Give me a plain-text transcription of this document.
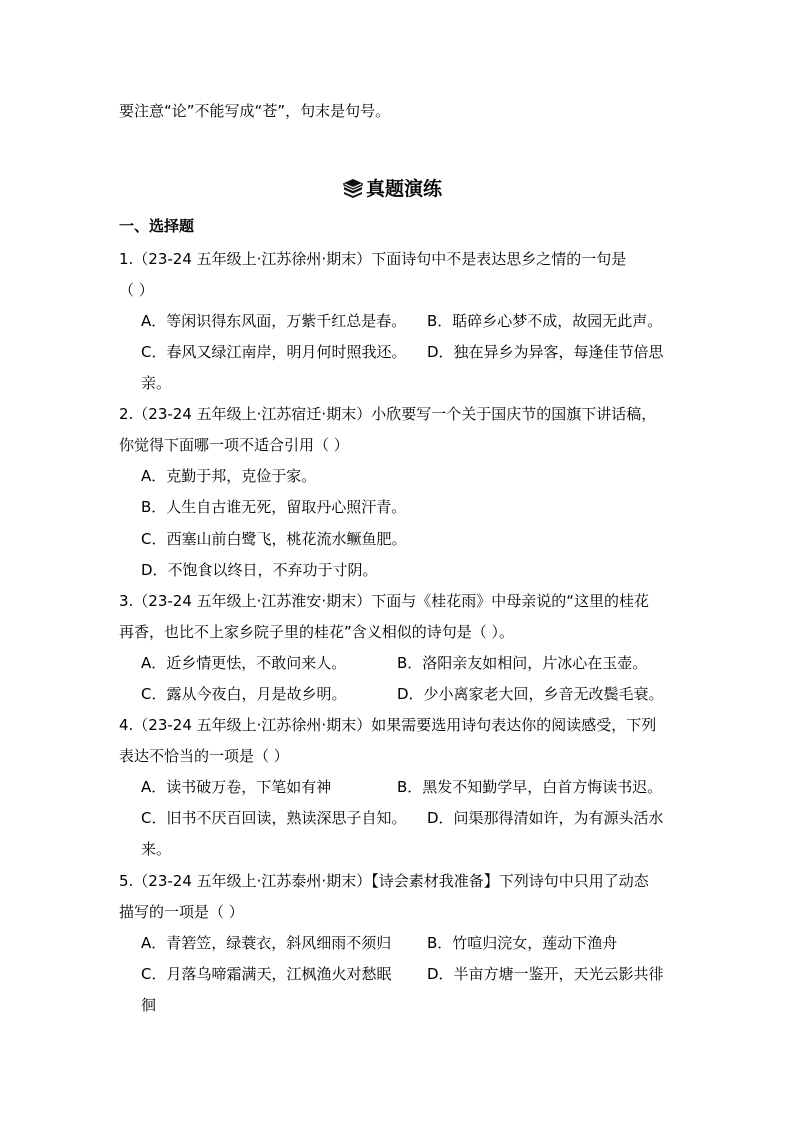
要注意“论”不能写成“苍”，句末是句号。
真题演练
一、选择题
1.（23-24 五年级上·江苏徐州·期末）下面诗句中不是表达思乡之情的一句是
（ ）
A．等闲识得东风面，万紫千红总是春。 B．聒碎乡心梦不成，故园无此声。
C．春风又绿江南岸，明月何时照我还。 D．独在异乡为异客，每逢佳节倍思
亲。
2.（23-24 五年级上·江苏宿迁·期末）小欣要写一个关于国庆节的国旗下讲话稿，
你觉得下面哪一项不适合引用（ ）
A．克勤于邦，克俭于家。
B．人生自古谁无死，留取丹心照汗青。
C．西塞山前白鹭飞，桃花流水鳜鱼肥。
D．不饱食以终日，不弃功于寸阴。
3.（23-24 五年级上·江苏淮安·期末）下面与《桂花雨》中母亲说的“这里的桂花
再香，也比不上家乡院子里的桂花”含义相似的诗句是（ ）。
A．近乡情更怯，不敢问来人。	B．洛阳亲友如相问，片冰心在玉壶。
C．露从今夜白，月是故乡明。	D．少小离家老大回，乡音无改鬓毛衰。
4.（23-24 五年级上·江苏徐州·期末）如果需要选用诗句表达你的阅读感受，下列
表达不恰当的一项是（ ）
A．读书破万卷，下笔如有神	B．黑发不知勤学早，白首方悔读书迟。
C．旧书不厌百回读，熟读深思子自知。 D．问渠那得清如许，为有源头活水
来。
5.（23-24 五年级上·江苏泰州·期末）【诗会素材我准备】下列诗句中只用了动态
描写的一项是（ ）
A．青箬笠，绿蓑衣，斜风细雨不须归 B．竹喧归浣女，莲动下渔舟
C．月落乌啼霜满天，江枫渔火对愁眠 D．半亩方塘一鉴开，天光云影共徘
徊
